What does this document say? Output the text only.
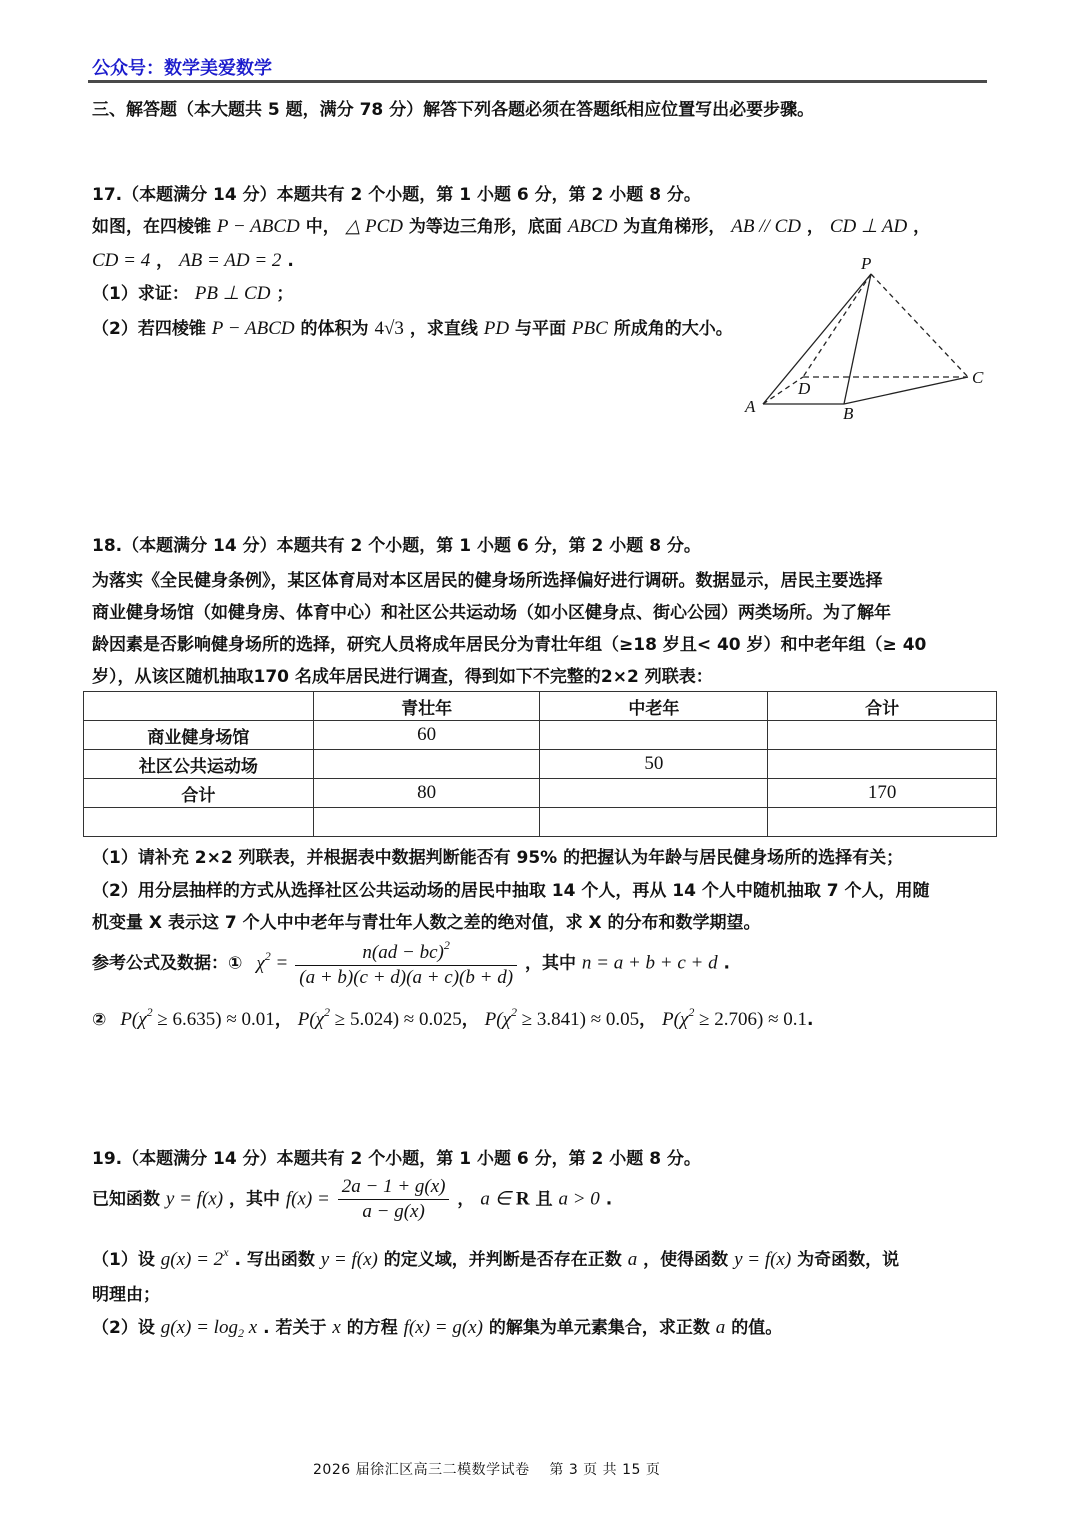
公众号：数学美爱数学
三、解答题（本大题共 5 题，满分 78 分）解答下列各题必须在答题纸相应位置写出必要步骤。
17.（本题满分 14 分）本题共有 2 个小题，第 1 小题 6 分，第 2 小题 8 分。
如图，在四棱锥 P − ABCD 中， △ PCD 为等边三角形，底面 ABCD 为直角梯形， AB // CD ， CD ⊥ AD ，
CD = 4 ， AB = AD = 2 .
（1）求证： PB ⊥ CD ；
（2）若四棱锥 P − ABCD 的体积为 4√3 ，求直线 PD 与平面 PBC 所成角的大小。
P
A	B
C
D
18.（本题满分 14 分）本题共有 2 个小题，第 1 小题 6 分，第 2 小题 8 分。
为落实《全民健身条例》，某区体育局对本区居民的健身场所选择偏好进行调研。数据显示，居民主要选择
商业健身场馆（如健身房、体育中心）和社区公共运动场（如小区健身点、街心公园）两类场所。为了解年
龄因素是否影响健身场所的选择，研究人员将成年居民分为青壮年组（≥18 岁且< 40 岁）和中老年组（≥ 40
岁），从该区随机抽取170 名成年居民进行调查，得到如下不完整的2×2 列联表：
	青壮年	中老年	合计
商业健身场馆	60		
社区公共运动场		50	
合计	80		170

（1）请补充 2×2 列联表，并根据表中数据判断能否有 95% 的把握认为年龄与居民健身场所的选择有关；
（2）用分层抽样的方式从选择社区公共运动场的居民中抽取 14 个人，再从 14 个人中随机抽取 7 个人，用随
机变量 X 表示这 7 个人中中老年与青壮年人数之差的绝对值，求 X 的分布和数学期望。
参考公式及数据：① $\chi^2 = \frac{n(ad - bc)^2}{(a + b)(c + d)(a + c)(b + d)}$ ，其中 n = a + b + c + d .
② $P(\chi^2 \ge 6.635) \approx 0.01$， $P(\chi^2 \ge 5.024) \approx 0.025$， $P(\chi^2 \ge 3.841) \approx 0.05$， $P(\chi^2 \ge 2.706) \approx 0.1$.
19.（本题满分 14 分）本题共有 2 个小题，第 1 小题 6 分，第 2 小题 8 分。
已知函数 y = f(x) ，其中 $f(x) = \frac{2a - 1 + g(x)}{a - g(x)}$ ， a ∈ R 且 a > 0 .
（1）设 $g(x) = 2^x$ . 写出函数 y = f(x) 的定义域，并判断是否存在正数 a ，使得函数 y = f(x) 为奇函数，说
明理由；
（2）设 $g(x) = \log_2 x$ . 若关于 x 的方程 f(x) = g(x) 的解集为单元素集合，求正数 a 的值。
2026 届徐汇区高三二模数学试卷    第 3 页 共 15 页
